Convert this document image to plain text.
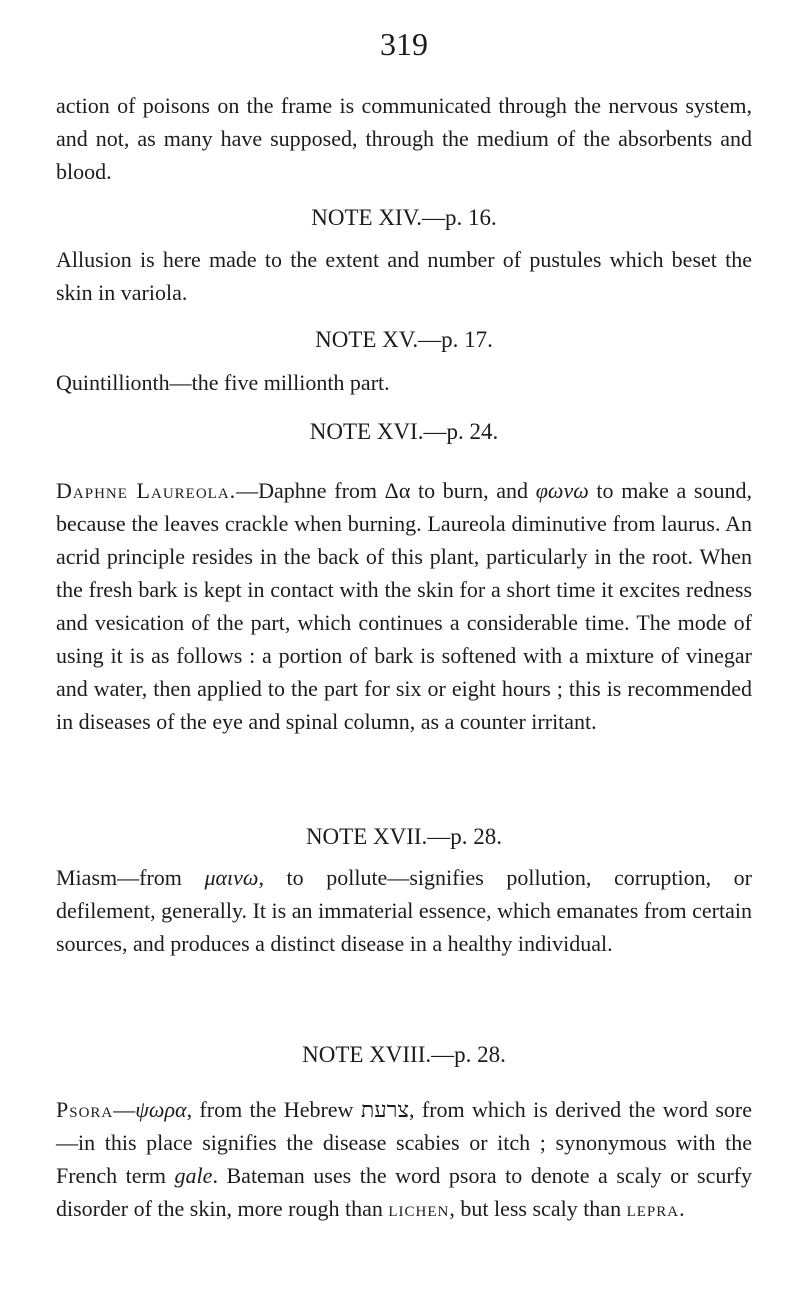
319

action of poisons on the frame is communicated through the nervous system, and not, as many have supposed, through the medium of the absorbents and blood.

NOTE XIV.—p. 16.

Allusion is here made to the extent and number of pustules which beset the skin in variola.

NOTE XV.—p. 17.

Quintillionth—the five millionth part.

NOTE XVI.—p. 24.

Daphne Laureola.—Daphne from Δα to burn, and φωνω to make a sound, because the leaves crackle when burning. Laureola diminutive from laurus. An acrid principle resides in the back of this plant, particularly in the root. When the fresh bark is kept in contact with the skin for a short time it excites redness and vesication of the part, which continues a considerable time. The mode of using it is as follows : a portion of bark is softened with a mixture of vinegar and water, then applied to the part for six or eight hours ; this is recommended in diseases of the eye and spinal column, as a counter irritant.

NOTE XVII.—p. 28.

Miasm—from μαινω, to pollute—signifies pollution, corruption, or defilement, generally. It is an immaterial essence, which emanates from certain sources, and produces a distinct disease in a healthy individual.

NOTE XVIII.—p. 28.

Psora—ψωρα, from the Hebrew צרעת, from which is derived the word sore—in this place signifies the disease scabies or itch ; synonymous with the French term gale. Bateman uses the word psora to denote a scaly or scurfy disorder of the skin, more rough than lichen, but less scaly than lepra.
